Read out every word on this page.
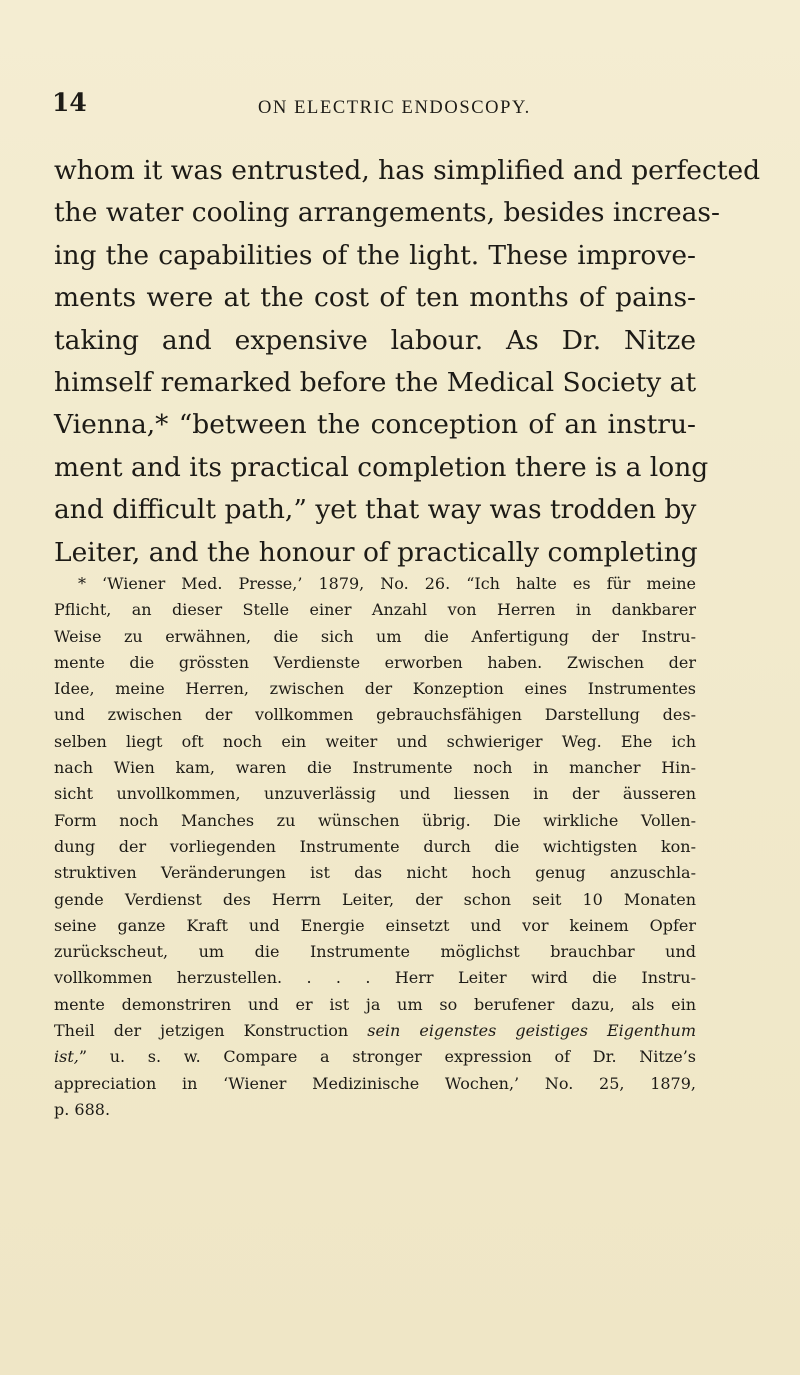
14	ON ELECTRIC ENDOSCOPY.
whom it was entrusted, has simplified and perfected
the water cooling arrangements, besides increas-
ing the capabilities of the light. These improve-
ments were at the cost of ten months of pains-
taking and expensive labour. As Dr. Nitze
himself remarked before the Medical Society at
Vienna,* “between the conception of an instru-
ment and its practical completion there is a long
and difficult path,” yet that way was trodden by
Leiter, and the honour of practically completing
* ‘Wiener Med. Presse,’ 1879, No. 26. “Ich halte es für meine
Pflicht, an dieser Stelle einer Anzahl von Herren in dankbarer
Weise zu erwähnen, die sich um die Anfertigung der Instru-
mente die grössten Verdienste erworben haben. Zwischen der
Idee, meine Herren, zwischen der Konzeption eines Instrumentes
und zwischen der vollkommen gebrauchsfähigen Darstellung des-
selben liegt oft noch ein weiter und schwieriger Weg. Ehe ich
nach Wien kam, waren die Instrumente noch in mancher Hin-
sicht unvollkommen, unzuverlässig und liessen in der äusseren
Form noch Manches zu wünschen übrig. Die wirkliche Vollen-
dung der vorliegenden Instrumente durch die wichtigsten kon-
struktiven Veränderungen ist das nicht hoch genug anzuschla-
gende Verdienst des Herrn Leiter, der schon seit 10 Monaten
seine ganze Kraft und Energie einsetzt und vor keinem Opfer
zurückscheut, um die Instrumente möglichst brauchbar und
vollkommen herzustellen. . . . Herr Leiter wird die Instru-
mente demonstriren und er ist ja um so berufener dazu, als ein
Theil der jetzigen Konstruction sein eigenstes geistiges Eigenthum
ist,” u. s. w. Compare a stronger expression of Dr. Nitze’s
appreciation in ‘Wiener Medizinische Wochen,’ No. 25, 1879,
p. 688.
